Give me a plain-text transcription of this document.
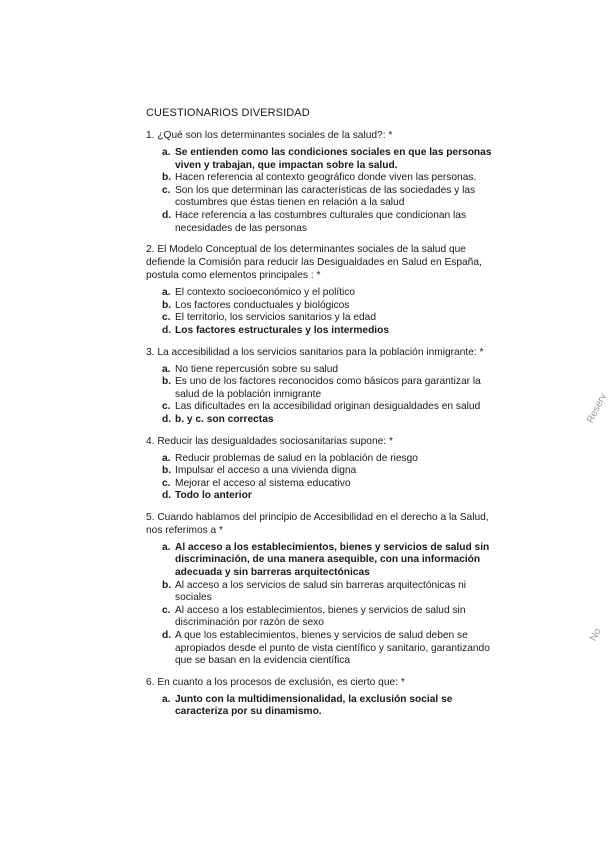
CUESTIONARIOS DIVERSIDAD
1. ¿Qué son los determinantes sociales de la salud?: *
a. Se entienden como las condiciones sociales en que las personas viven y trabajan, que impactan sobre la salud.
b. Hacen referencia al contexto geográfico donde viven las personas.
c. Son los que determinan las características de las sociedades y las costumbres que éstas tienen en relación a la salud
d. Hace referencia a las costumbres culturales que condicionan las necesidades de las personas
2. El Modelo Conceptual de los determinantes sociales de la salud que defiende la Comisión para reducir las Desigualdades en Salud en España, postula como elementos principales : *
a. El contexto socioeconómico y el político
b. Los factores conductuales y biológicos
c. El territorio, los servicios sanitarios y la edad
d. Los factores estructurales y los intermedios
3. La accesibilidad a los servicios sanitarios para la población inmigrante: *
a. No tiene repercusión sobre su salud
b. Es uno de los factores reconocidos como básicos para garantizar la salud de la población inmigrante
c. Las dificultades en la accesibilidad originan desigualdades en salud
d. b. y c. son correctas
4. Reducir las desigualdades sociosanitarias supone: *
a. Reducir problemas de salud en la población de riesgo
b. Impulsar el acceso a una vivienda digna
c. Mejorar el acceso al sistema educativo
d. Todo lo anterior
5. Cuando hablamos del principio de Accesibilidad en el derecho a la Salud, nos referimos a *
a. Al acceso a los establecimientos, bienes y servicios de salud sin discriminación, de una manera asequible, con una información adecuada y sin barreras arquitectónicas
b. Al acceso a los servicios de salud sin barreras arquitectónicas ni sociales
c. Al acceso a los establecimientos, bienes y servicios de salud sin discriminación por razón de sexo
d. A que los establecimientos, bienes y servicios de salud deben se apropiados desde el punto de vista científico y sanitario, garantizando que se basan en la evidencia científica
6. En cuanto a los procesos de exclusión, es cierto que: *
a. Junto con la multidimensionalidad, la exclusión social se caracteriza por su dinamismo.
Reserv
No
